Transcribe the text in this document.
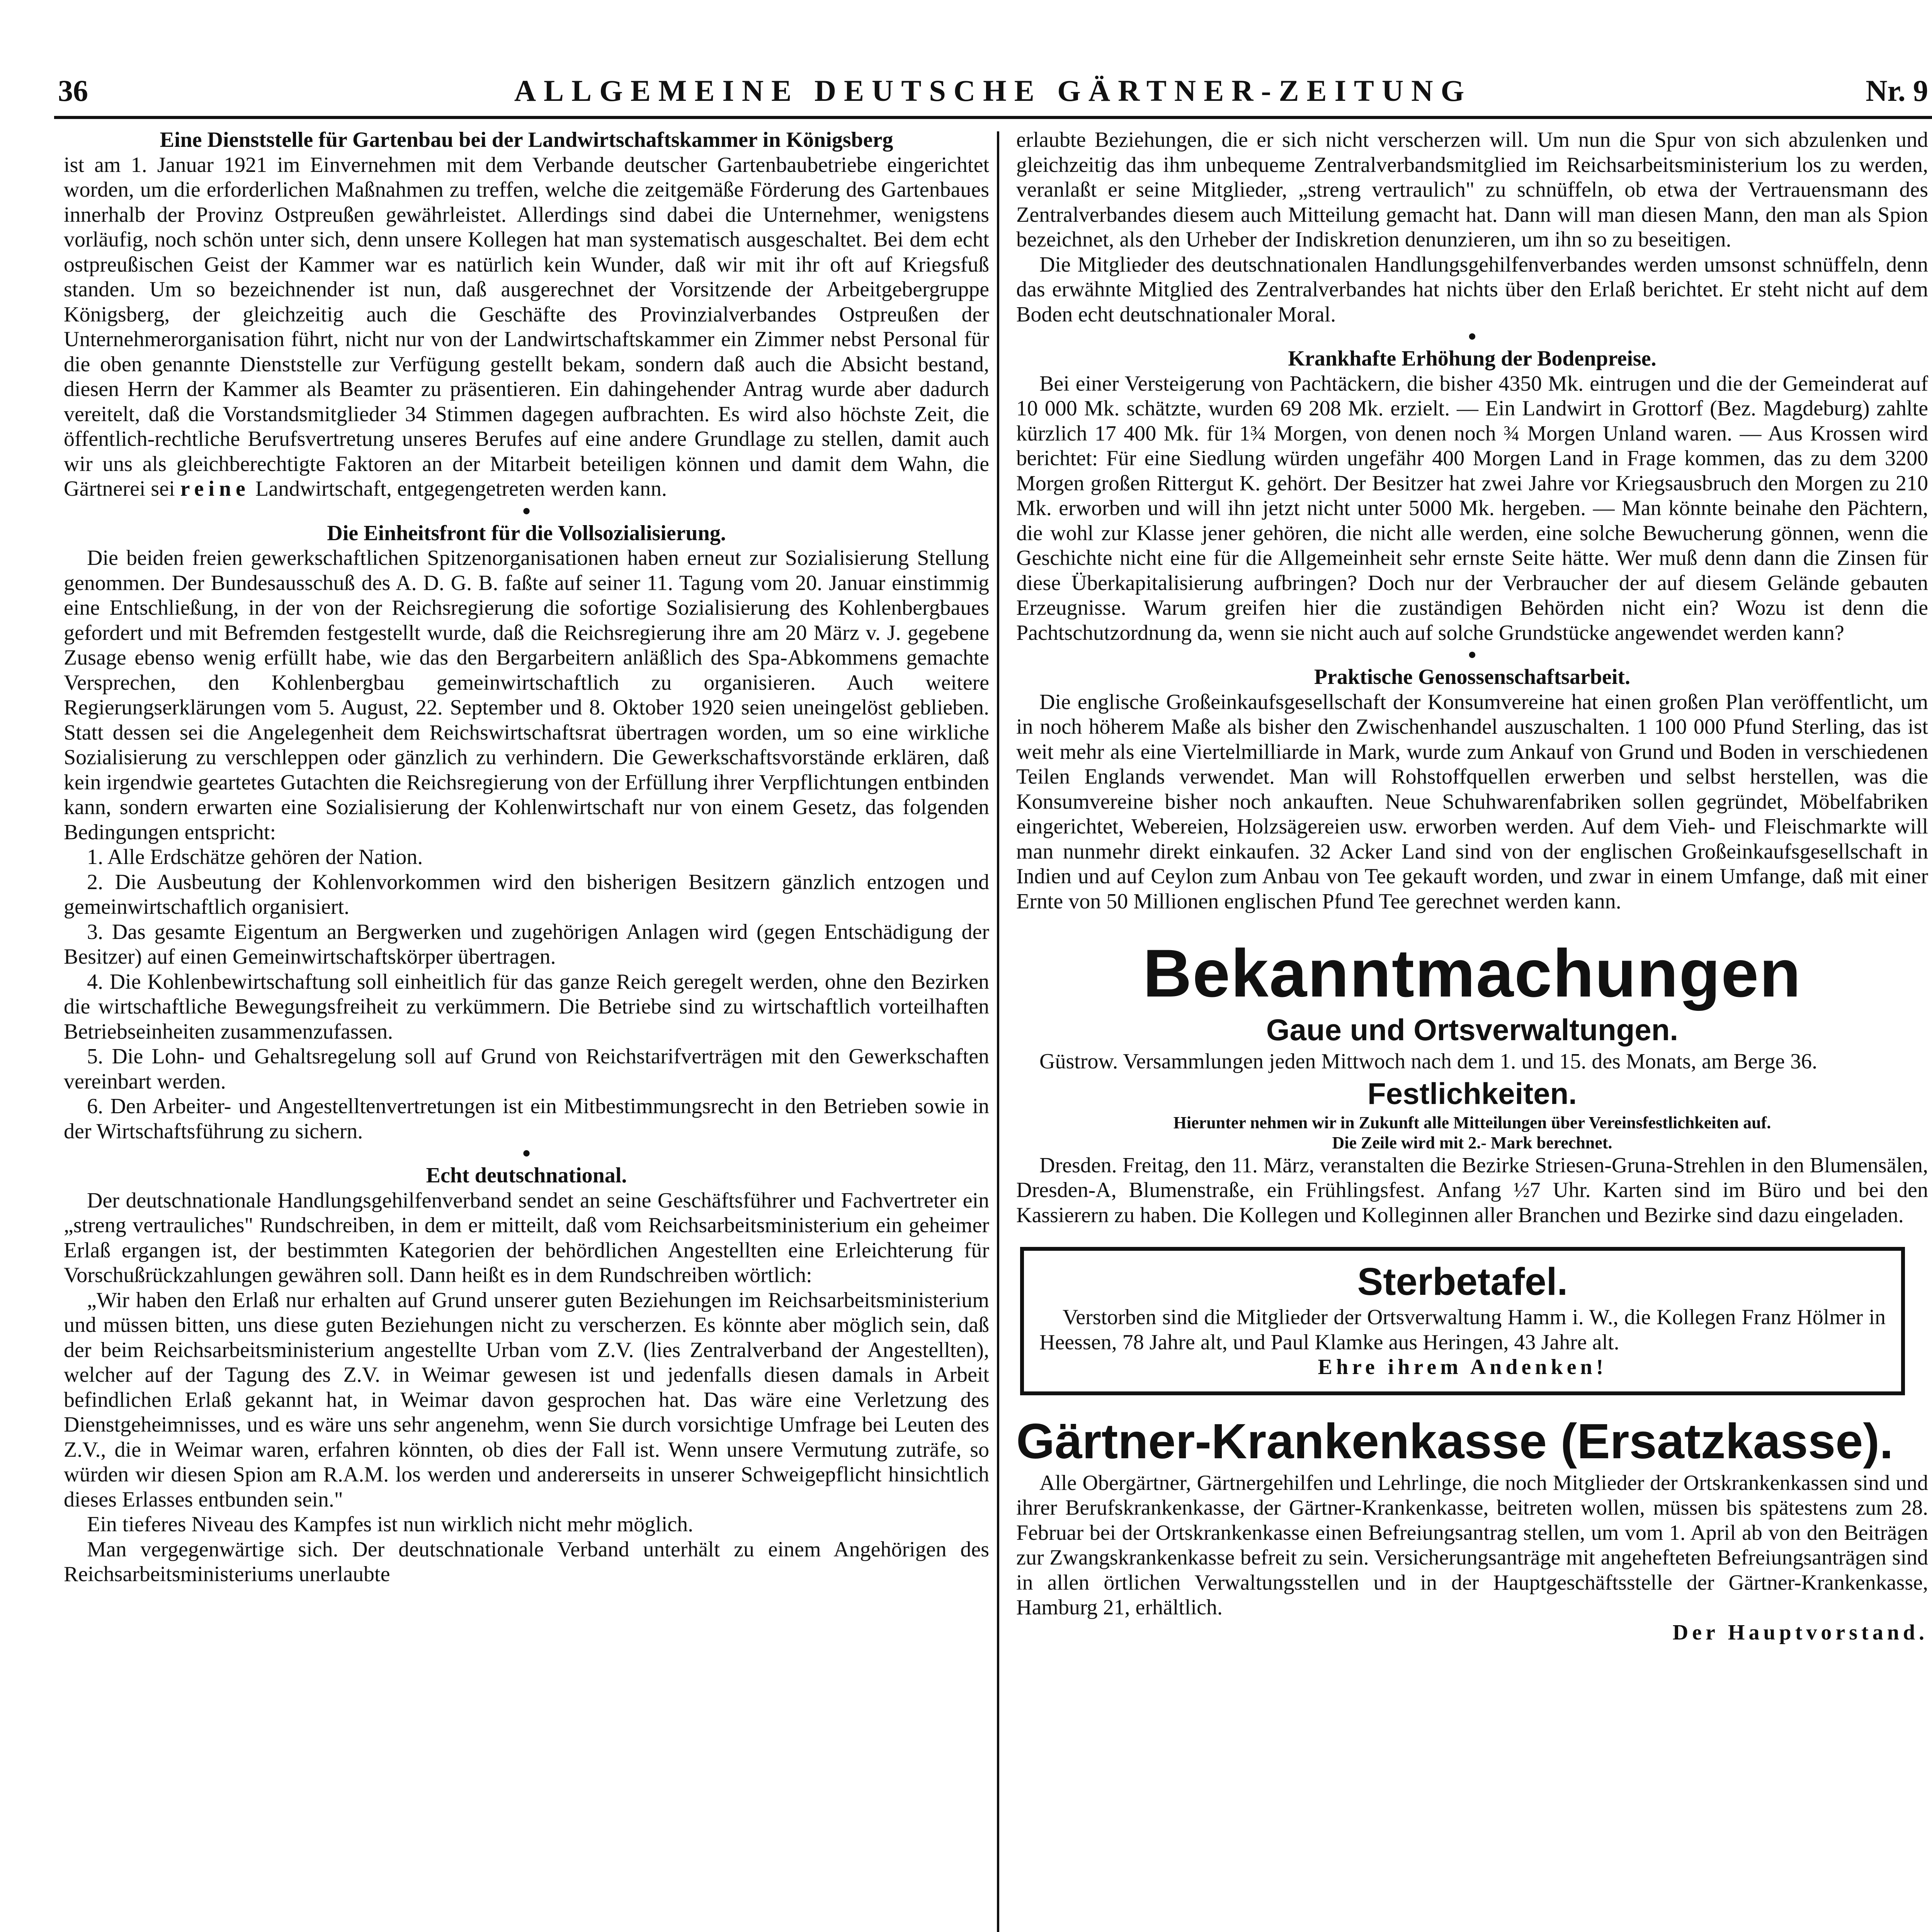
36	ALLGEMEINE DEUTSCHE GÄRTNER-ZEITUNG	Nr. 9
Eine Dienststelle für Gartenbau bei der Landwirtschaftskammer in Königsberg

ist am 1. Januar 1921 im Einvernehmen mit dem Verbande deutscher Gartenbaubetriebe eingerichtet worden, um die erforderlichen Maßnahmen zu treffen, welche die zeitgemäße Förderung des Gartenbaues innerhalb der Provinz Ostpreußen gewährleistet. Allerdings sind dabei die Unternehmer, wenigstens vorläufig, noch schön unter sich, denn unsere Kollegen hat man systematisch ausgeschaltet. Bei dem echt ostpreußischen Geist der Kammer war es natürlich kein Wunder, daß wir mit ihr oft auf Kriegsfuß standen. Um so bezeichnender ist nun, daß ausgerechnet der Vorsitzende der Arbeitgebergruppe Königsberg, der gleichzeitig auch die Geschäfte des Provinzialverbandes Ostpreußen der Unternehmerorganisation führt, nicht nur von der Landwirtschaftskammer ein Zimmer nebst Personal für die oben genannte Dienststelle zur Verfügung gestellt bekam, sondern daß auch die Absicht bestand, diesen Herrn der Kammer als Beamter zu präsentieren. Ein dahingehender Antrag wurde aber dadurch vereitelt, daß die Vorstandsmitglieder 34 Stimmen dagegen aufbrachten. Es wird also höchste Zeit, die öffentlich-rechtliche Berufsvertretung unseres Berufes auf eine andere Grundlage zu stellen, damit auch wir uns als gleichberechtigte Faktoren an der Mitarbeit beteiligen können und damit dem Wahn, die Gärtnerei sei reine Landwirtschaft, entgegengetreten werden kann.

•
Die Einheitsfront für die Vollsozialisierung.

Die beiden freien gewerkschaftlichen Spitzenorganisationen haben erneut zur Sozialisierung Stellung genommen. Der Bundesausschuß des A. D. G. B. faßte auf seiner 11. Tagung vom 20. Januar einstimmig eine Entschließung, in der von der Reichsregierung die sofortige Sozialisierung des Kohlenbergbaues gefordert und mit Befremden festgestellt wurde, daß die Reichsregierung ihre am 20 März v. J. gegebene Zusage ebenso wenig erfüllt habe, wie das den Bergarbeitern anläßlich des Spa-Abkommens gemachte Versprechen, den Kohlenbergbau gemeinwirtschaftlich zu organisieren. Auch weitere Regierungserklärungen vom 5. August, 22. September und 8. Oktober 1920 seien uneingelöst geblieben. Statt dessen sei die Angelegenheit dem Reichswirtschaftsrat übertragen worden, um so eine wirkliche Sozialisierung zu verschleppen oder gänzlich zu verhindern. Die Gewerkschaftsvorstände erklären, daß kein irgendwie geartetes Gutachten die Reichsregierung von der Erfüllung ihrer Verpflichtungen entbinden kann, sondern erwarten eine Sozialisierung der Kohlenwirtschaft nur von einem Gesetz, das folgenden Bedingungen entspricht:

1. Alle Erdschätze gehören der Nation.

2. Die Ausbeutung der Kohlenvorkommen wird den bisherigen Besitzern gänzlich entzogen und gemeinwirtschaftlich organisiert.

3. Das gesamte Eigentum an Bergwerken und zugehörigen Anlagen wird (gegen Entschädigung der Besitzer) auf einen Gemeinwirtschaftskörper übertragen.

4. Die Kohlenbewirtschaftung soll einheitlich für das ganze Reich geregelt werden, ohne den Bezirken die wirtschaftliche Bewegungsfreiheit zu verkümmern. Die Betriebe sind zu wirtschaftlich vorteilhaften Betriebseinheiten zusammenzufassen.

5. Die Lohn- und Gehaltsregelung soll auf Grund von Reichstarifverträgen mit den Gewerkschaften vereinbart werden.

6. Den Arbeiter- und Angestelltenvertretungen ist ein Mitbestimmungsrecht in den Betrieben sowie in der Wirtschaftsführung zu sichern.

•
Echt deutschnational.

Der deutschnationale Handlungsgehilfenverband sendet an seine Geschäftsführer und Fachvertreter ein „streng vertrauliches" Rundschreiben, in dem er mitteilt, daß vom Reichsarbeitsministerium ein geheimer Erlaß ergangen ist, der bestimmten Kategorien der behördlichen Angestellten eine Erleichterung für Vorschußrückzahlungen gewähren soll. Dann heißt es in dem Rundschreiben wörtlich:

„Wir haben den Erlaß nur erhalten auf Grund unserer guten Beziehungen im Reichsarbeitsministerium und müssen bitten, uns diese guten Beziehungen nicht zu verscherzen. Es könnte aber möglich sein, daß der beim Reichsarbeitsministerium angestellte Urban vom Z.V. (lies Zentralverband der Angestellten), welcher auf der Tagung des Z.V. in Weimar gewesen ist und jedenfalls diesen damals in Arbeit befindlichen Erlaß gekannt hat, in Weimar davon gesprochen hat. Das wäre eine Verletzung des Dienstgeheimnisses, und es wäre uns sehr angenehm, wenn Sie durch vorsichtige Umfrage bei Leuten des Z.V., die in Weimar waren, erfahren könnten, ob dies der Fall ist. Wenn unsere Vermutung zuträfe, so würden wir diesen Spion am R.A.M. los werden und andererseits in unserer Schweigepflicht hinsichtlich dieses Erlasses entbunden sein."

Ein tieferes Niveau des Kampfes ist nun wirklich nicht mehr möglich.

Man vergegenwärtige sich. Der deutschnationale Verband unterhält zu einem Angehörigen des Reichsarbeitsministeriums unerlaubte

erlaubte Beziehungen, die er sich nicht verscherzen will. Um nun die Spur von sich abzulenken und gleichzeitig das ihm unbequeme Zentralverbandsmitglied im Reichsarbeitsministerium los zu werden, veranlaßt er seine Mitglieder, „streng vertraulich" zu schnüffeln, ob etwa der Vertrauensmann des Zentralverbandes diesem auch Mitteilung gemacht hat. Dann will man diesen Mann, den man als Spion bezeichnet, als den Urheber der Indiskretion denunzieren, um ihn so zu beseitigen.

Die Mitglieder des deutschnationalen Handlungsgehilfenverbandes werden umsonst schnüffeln, denn das erwähnte Mitglied des Zentralverbandes hat nichts über den Erlaß berichtet. Er steht nicht auf dem Boden echt deutschnationaler Moral.

•
Krankhafte Erhöhung der Bodenpreise.

Bei einer Versteigerung von Pachtäckern, die bisher 4350 Mk. eintrugen und die der Gemeinderat auf 10 000 Mk. schätzte, wurden 69 208 Mk. erzielt. — Ein Landwirt in Grottorf (Bez. Magdeburg) zahlte kürzlich 17 400 Mk. für 1¾ Morgen, von denen noch ¾ Morgen Unland waren. — Aus Krossen wird berichtet: Für eine Siedlung würden ungefähr 400 Morgen Land in Frage kommen, das zu dem 3200 Morgen großen Rittergut K. gehört. Der Besitzer hat zwei Jahre vor Kriegsausbruch den Morgen zu 210 Mk. erworben und will ihn jetzt nicht unter 5000 Mk. hergeben. — Man könnte beinahe den Pächtern, die wohl zur Klasse jener gehören, die nicht alle werden, eine solche Bewucherung gönnen, wenn die Geschichte nicht eine für die Allgemeinheit sehr ernste Seite hätte. Wer muß denn dann die Zinsen für diese Überkapitalisierung aufbringen? Doch nur der Verbraucher der auf diesem Gelände gebauten Erzeugnisse. Warum greifen hier die zuständigen Behörden nicht ein? Wozu ist denn die Pachtschutzordnung da, wenn sie nicht auch auf solche Grundstücke angewendet werden kann?

•
Praktische Genossenschaftsarbeit.

Die englische Großeinkaufsgesellschaft der Konsumvereine hat einen großen Plan veröffentlicht, um in noch höherem Maße als bisher den Zwischenhandel auszuschalten. 1 100 000 Pfund Sterling, das ist weit mehr als eine Viertelmilliarde in Mark, wurde zum Ankauf von Grund und Boden in verschiedenen Teilen Englands verwendet. Man will Rohstoffquellen erwerben und selbst herstellen, was die Konsumvereine bisher noch ankauften. Neue Schuhwarenfabriken sollen gegründet, Möbelfabriken eingerichtet, Webereien, Holzsägereien usw. erworben werden. Auf dem Vieh- und Fleischmarkte will man nunmehr direkt einkaufen. 32 Acker Land sind von der englischen Großeinkaufsgesellschaft in Indien und auf Ceylon zum Anbau von Tee gekauft worden, und zwar in einem Umfange, daß mit einer Ernte von 50 Millionen englischen Pfund Tee gerechnet werden kann.

Bekanntmachungen
Gaue und Ortsverwaltungen.

Güstrow. Versammlungen jeden Mittwoch nach dem 1. und 15. des Monats, am Berge 36.

Festlichkeiten.
Hierunter nehmen wir in Zukunft alle Mitteilungen über Vereinsfestlichkeiten auf.
Die Zeile wird mit 2.- Mark berechnet.

Dresden. Freitag, den 11. März, veranstalten die Bezirke Striesen-Gruna-Strehlen in den Blumensälen, Dresden-A, Blumenstraße, ein Frühlingsfest. Anfang ½7 Uhr. Karten sind im Büro und bei den Kassierern zu haben. Die Kollegen und Kolleginnen aller Branchen und Bezirke sind dazu eingeladen.

Sterbetafel.

Verstorben sind die Mitglieder der Ortsverwaltung Hamm i. W., die Kollegen Franz Hölmer in Heessen, 78 Jahre alt, und Paul Klamke aus Heringen, 43 Jahre alt.

Ehre ihrem Andenken!
Gärtner-Krankenkasse (Ersatzkasse).

Alle Obergärtner, Gärtnergehilfen und Lehrlinge, die noch Mitglieder der Ortskrankenkassen sind und ihrer Berufskrankenkasse, der Gärtner-Krankenkasse, beitreten wollen, müssen bis spätestens zum 28. Februar bei der Ortskrankenkasse einen Befreiungsantrag stellen, um vom 1. April ab von den Beiträgen zur Zwangskrankenkasse befreit zu sein. Versicherungsanträge mit angehefteten Befreiungsanträgen sind in allen örtlichen Verwaltungsstellen und in der Hauptgeschäftsstelle der Gärtner-Krankenkasse, Hamburg 21, erhältlich.

Der Hauptvorstand.
